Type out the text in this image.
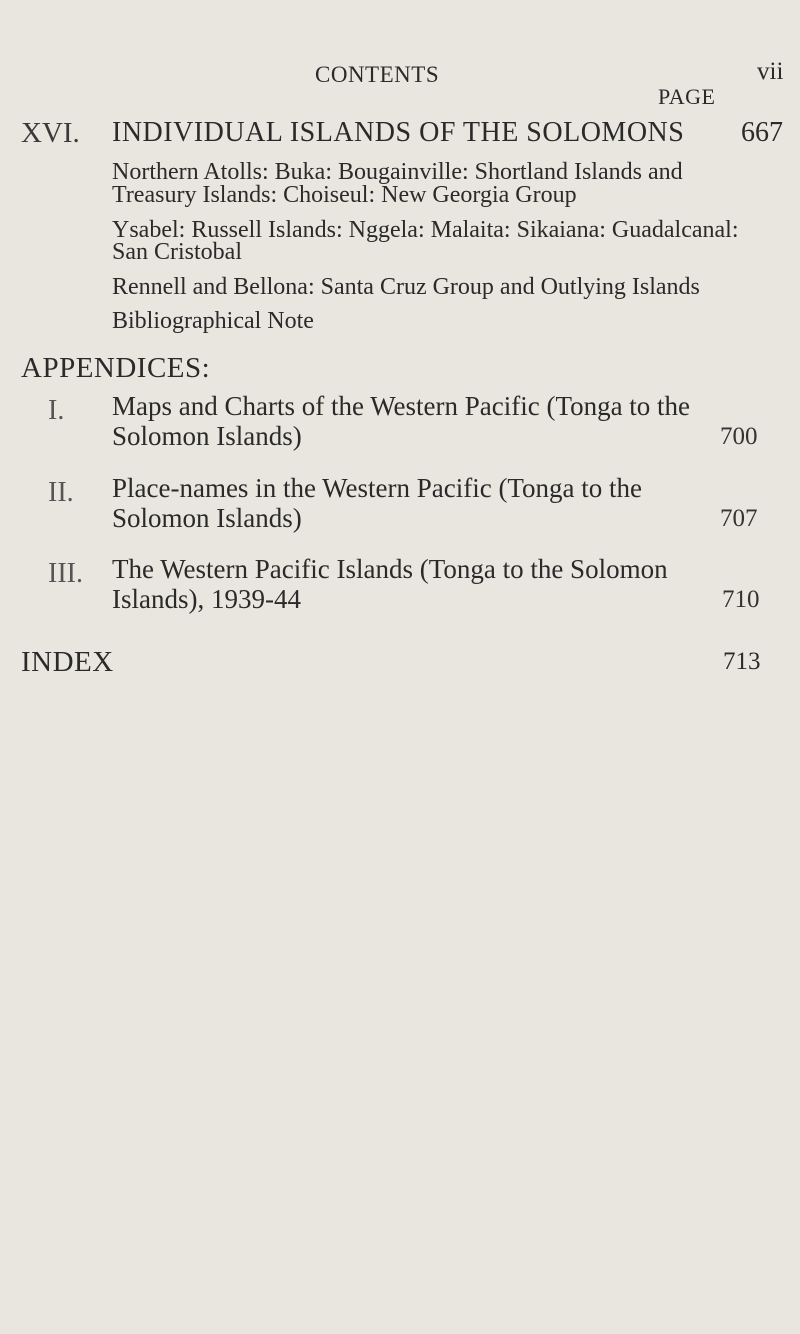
CONTENTS	vii
PAGE
XVI. INDIVIDUAL ISLANDS OF THE SOLOMONS 667
Northern Atolls: Buka: Bougainville: Shortland Islands and
Treasury Islands: Choiseul: New Georgia Group
Ysabel: Russell Islands: Nggela: Malaita: Sikaiana: Guadalcanal:
San Cristobal
Rennell and Bellona: Santa Cruz Group and Outlying Islands
Bibliographical Note
APPENDICES:
I. Maps and Charts of the Western Pacific (Tonga to the
Solomon Islands)	700
II. Place-names in the Western Pacific (Tonga to the
Solomon Islands)	707
III. The Western Pacific Islands (Tonga to the Solomon
Islands), 1939-44	710
INDEX	713
